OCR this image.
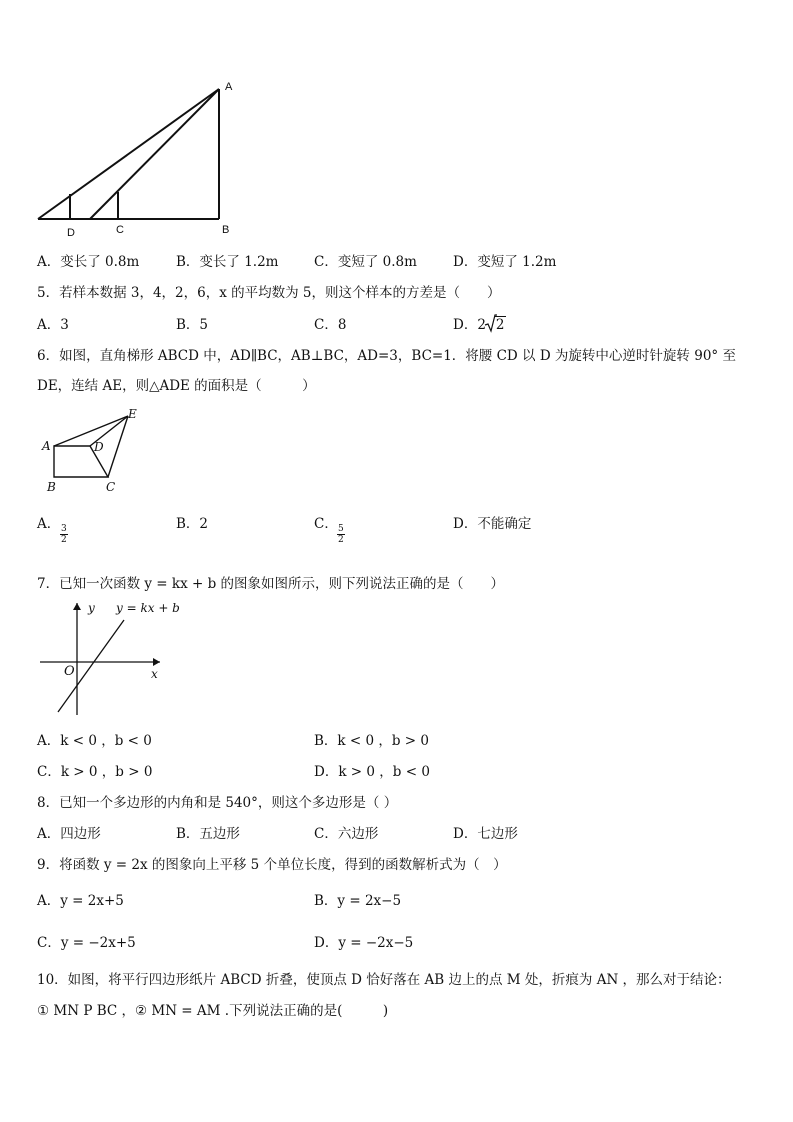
A
B
C
D
A．变长了 0.8m	B．变长了 1.2m	C．变短了 0.8m	D．变短了 1.2m
5．若样本数据 3，4，2，6，x 的平均数为 5，则这个样本的方差是（　　）
A．3	B．5	C．8	D．2 2
6．如图，直角梯形 ABCD 中，AD∥BC，AB⊥BC，AD=3，BC=1．将腰 CD 以 D 为旋转中心逆时针旋转 90° 至
DE，连结 AE，则△ADE 的面积是（　　　）
A
B	C
D
E
A． $\frac{3}{2}$	B．2	C． $\frac{5}{2}$	D．不能确定
7．已知一次函数 y = kx + b 的图象如图所示，则下列说法正确的是（　　）
y y = kx + b
O	x
A．k < 0 ，b < 0	B．k < 0 ，b > 0
C．k > 0 ，b > 0	D．k > 0 ，b < 0
8．已知一个多边形的内角和是 540°，则这个多边形是（ ）
A．四边形	B．五边形	C．六边形	D．七边形
9．将函数 y = 2x 的图象向上平移 5 个单位长度，得到的函数解析式为（　）
A．y = 2x+5	B．y = 2x−5
C．y = −2x+5	D．y = −2x−5
10．如图，将平行四边形纸片 ABCD 折叠，使顶点 D 恰好落在 AB 边上的点 M 处，折痕为 AN ，那么对于结论：
① MN P BC ，② MN = AM .下列说法正确的是(　　　)
